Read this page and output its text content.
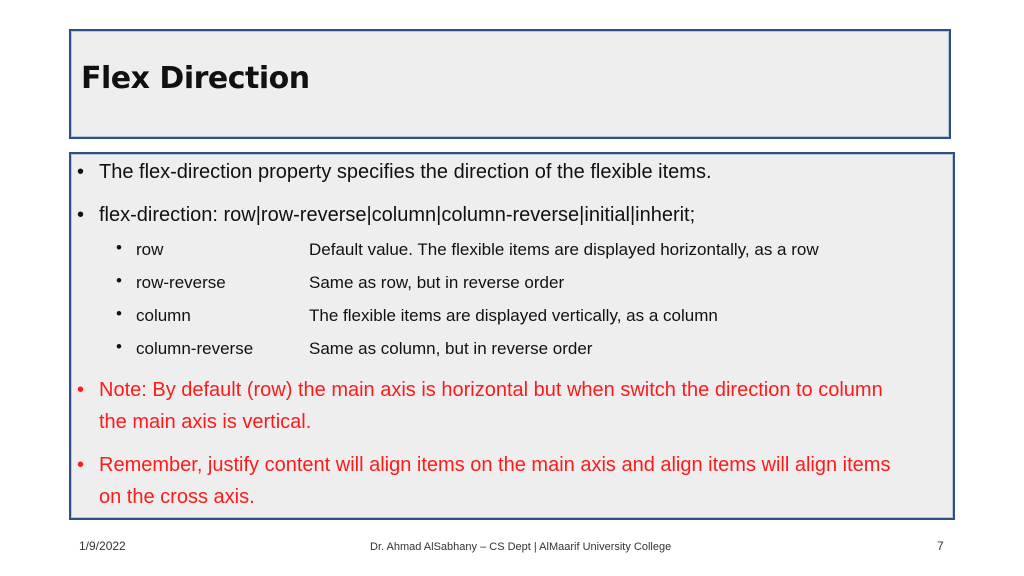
Flex Direction
• The flex-direction property specifies the direction of the flexible items.
• flex-direction: row|row-reverse|column|column-reverse|initial|inherit;
• row	Default value. The flexible items are displayed horizontally, as a row
• row-reverse	Same as row, but in reverse order
• column	The flexible items are displayed vertically, as a column
• column-reverse	Same as column, but in reverse order
• Note: By default (row) the main axis is horizontal but when switch the direction to column
the main axis is vertical.
• Remember, justify content will align items on the main axis and align items will align items
on the cross axis.
1/9/2022	Dr. Ahmad AlSabhany – CS Dept | AlMaarif University College	7
